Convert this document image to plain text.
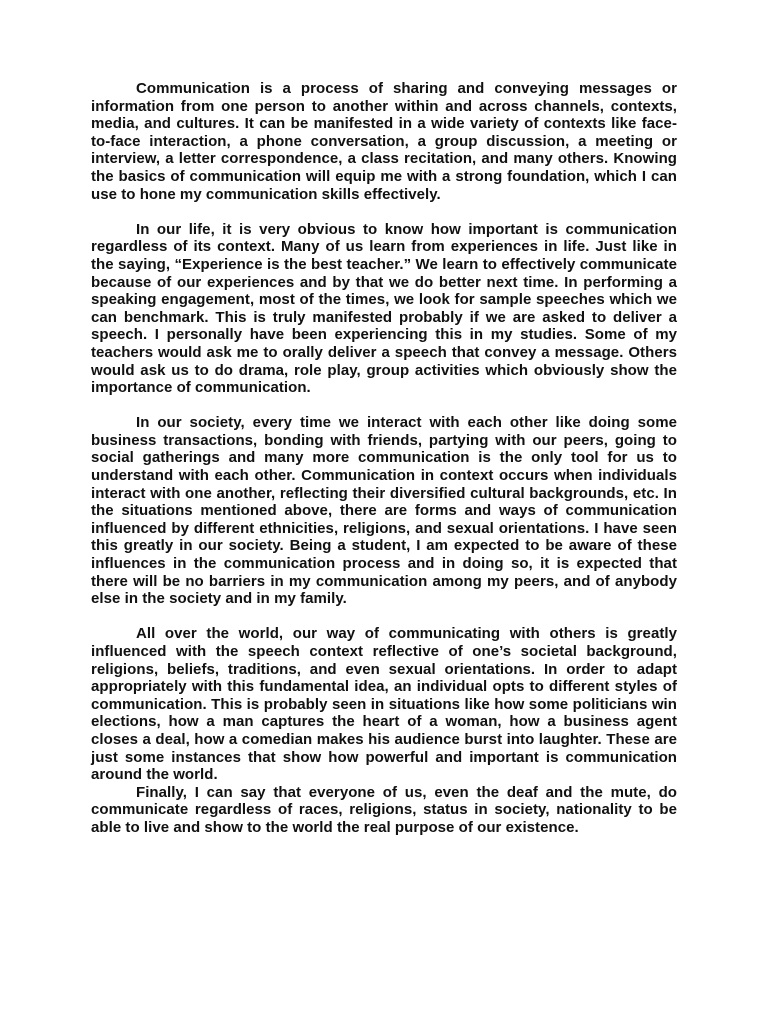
Communication is a process of sharing and conveying messages or information from one person to another within and across channels, contexts, media, and cultures. It can be manifested in a wide variety of contexts like face-to-face interaction, a phone conversation, a group discussion, a meeting or interview, a letter correspondence, a class recitation, and many others. Knowing the basics of communication will equip me with a strong foundation, which I can use to hone my communication skills effectively.

In our life, it is very obvious to know how important is communication regardless of its context. Many of us learn from experiences in life. Just like in the saying, “Experience is the best teacher.” We learn to effectively communicate because of our experiences and by that we do better next time. In performing a speaking engagement, most of the times, we look for sample speeches which we can benchmark. This is truly manifested probably if we are asked to deliver a speech. I personally have been experiencing this in my studies. Some of my teachers would ask me to orally deliver a speech that convey a message. Others would ask us to do drama, role play, group activities which obviously show the importance of communication.

In our society, every time we interact with each other like doing some business transactions, bonding with friends, partying with our peers, going to social gatherings and many more communication is the only tool for us to understand with each other. Communication in context occurs when individuals interact with one another, reflecting their diversified cultural backgrounds, etc. In the situations mentioned above, there are forms and ways of communication influenced by different ethnicities, religions, and sexual orientations. I have seen this greatly in our society. Being a student, I am expected to be aware of these influences in the communication process and in doing so, it is expected that there will be no barriers in my communication among my peers, and of anybody else in the society and in my family.

All over the world, our way of communicating with others is greatly influenced with the speech context reflective of one’s societal background, religions, beliefs, traditions, and even sexual orientations. In order to adapt appropriately with this fundamental idea, an individual opts to different styles of communication. This is probably seen in situations like how some politicians win elections, how a man captures the heart of a woman, how a business agent closes a deal, how a comedian makes his audience burst into laughter. These are just some instances that show how powerful and important is communication around the world.

Finally, I can say that everyone of us, even the deaf and the mute, do communicate regardless of races, religions, status in society, nationality to be able to live and show to the world the real purpose of our existence.
